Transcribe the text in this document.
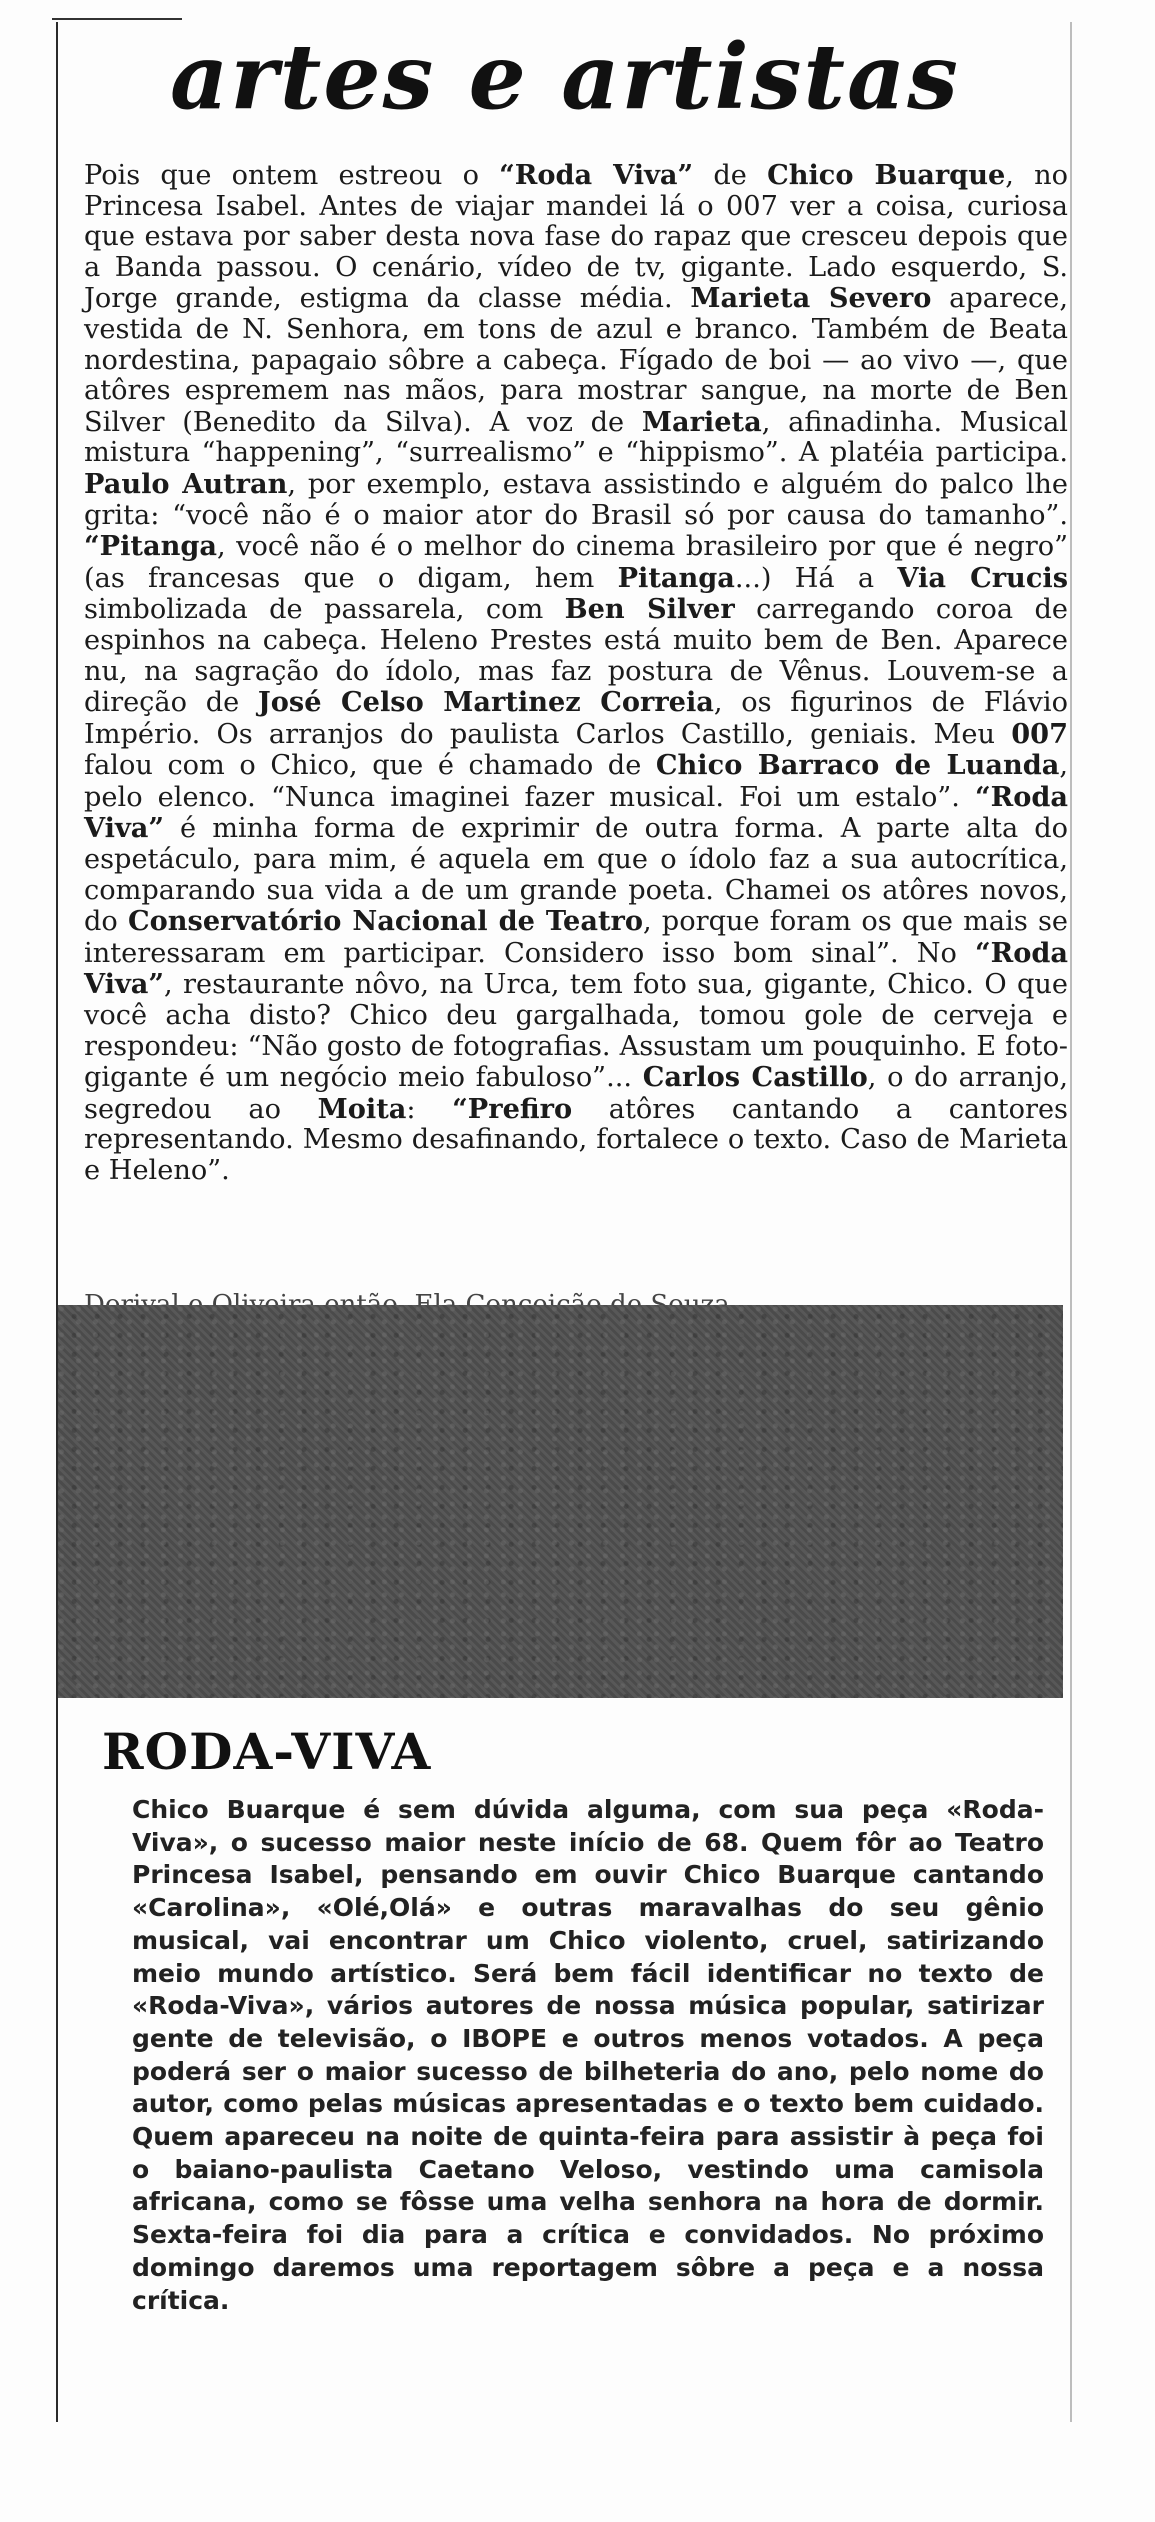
artes e artistas

Pois que ontem estreou o “Roda Viva” de Chico Buarque, no Princesa Isabel. Antes de viajar mandei lá o 007 ver a coisa, curiosa que estava por saber desta nova fase do rapaz que cresceu depois que a Banda passou. O cenário, vídeo de tv, gigante. Lado esquerdo, S. Jorge grande, estigma da classe média. Marieta Severo aparece, vestida de N. Senhora, em tons de azul e branco. Também de Beata nordestina, papagaio sôbre a cabeça. Fígado de boi — ao vivo —, que atôres espremem nas mãos, para mostrar sangue, na morte de Ben Silver (Benedito da Silva). A voz de Marieta, afinadinha. Musical mistura “happening”, “surrealismo” e “hippismo”. A platéia participa. Paulo Autran, por exemplo, estava assistindo e alguém do palco lhe grita: “você não é o maior ator do Brasil só por causa do tamanho”. “Pitanga, você não é o melhor do cinema brasileiro por que é negro” (as francesas que o digam, hem Pitanga...) Há a Via Crucis simbolizada de passarela, com Ben Silver carregando coroa de espinhos na cabeça. Heleno Prestes está muito bem de Ben. Aparece nu, na sagração do ídolo, mas faz postura de Vênus. Louvem-se a direção de José Celso Martinez Correia, os figurinos de Flávio Império. Os arranjos do paulista Carlos Castillo, geniais. Meu 007 falou com o Chico, que é chamado de Chico Barraco de Luanda, pelo elenco. “Nunca imaginei fazer musical. Foi um estalo”. “Roda Viva” é minha forma de exprimir de outra forma. A parte alta do espetáculo, para mim, é aquela em que o ídolo faz a sua autocrítica, comparando sua vida a de um grande poeta. Chamei os atôres novos, do Conservatório Nacional de Teatro, porque foram os que mais se interessaram em participar. Considero isso bom sinal”. No “Roda Viva”, restaurante nôvo, na Urca, tem foto sua, gigante, Chico. O que você acha disto? Chico deu gargalhada, tomou gole de cerveja e respondeu: “Não gosto de fotografias. Assustam um pouquinho. E foto-gigante é um negócio meio fabuloso”... Carlos Castillo, o do arranjo, segredou ao Moita: “Prefiro atôres cantando a cantores representando. Mesmo desafinando, fortalece o texto. Caso de Marieta e Heleno”.

RODA-VIVA

Chico Buarque é sem dúvida alguma, com sua peça «Roda-Viva», o sucesso maior neste início de 68. Quem fôr ao Teatro Princesa Isabel, pensando em ouvir Chico Buarque cantando «Carolina», «Olé,Olá» e outras maravalhas do seu gênio musical, vai encontrar um Chico violento, cruel, satirizando meio mundo artístico. Será bem fácil identificar no texto de «Roda-Viva», vários autores de nossa música popular, satirizar gente de televisão, o IBOPE e outros menos votados. A peça poderá ser o maior sucesso de bilheteria do ano, pelo nome do autor, como pelas músicas apresentadas e o texto bem cuidado. Quem apareceu na noite de quinta-feira para assistir à peça foi o baiano-paulista Caetano Veloso, vestindo uma camisola africana, como se fôsse uma velha senhora na hora de dormir. Sexta-feira foi dia para a crítica e convidados. No próximo domingo daremos uma reportagem sôbre a peça e a nossa crítica.
